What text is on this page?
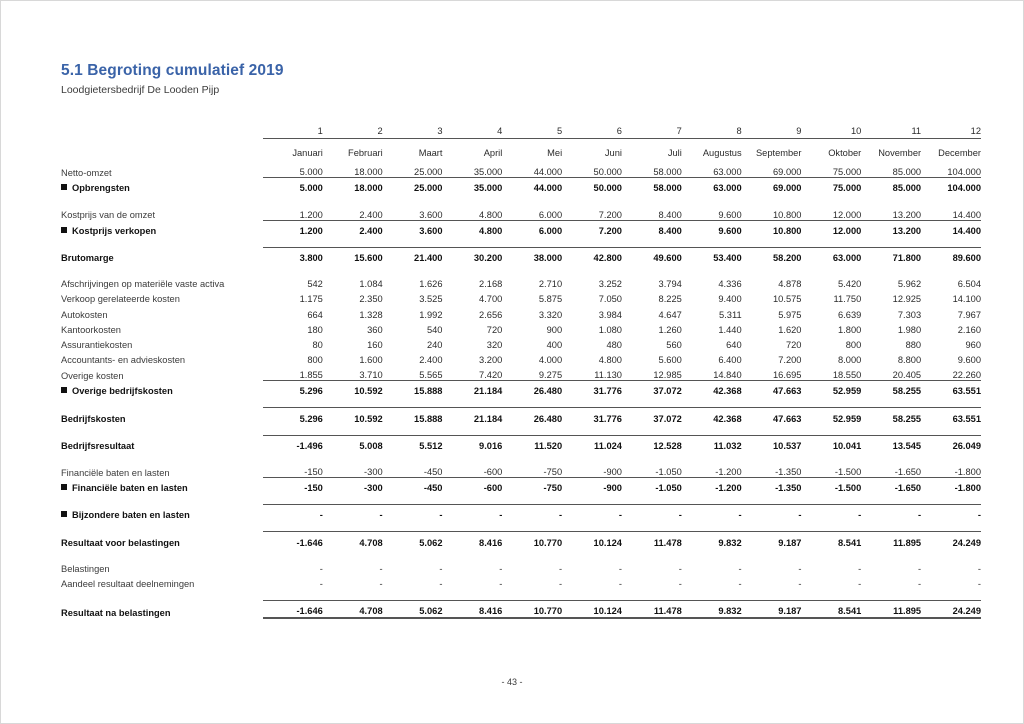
5.1 Begroting cumulatief 2019
Loodgietersbedrijf De Looden Pijp
	1	2	3	4	5	6	7	8	9	10	11	12
	Januari	Februari	Maart	April	Mei	Juni	Juli	Augustus	September	Oktober	November	December
Netto-omzet	5.000	18.000	25.000	35.000	44.000	50.000	58.000	63.000	69.000	75.000	85.000	104.000
Opbrengsten	5.000	18.000	25.000	35.000	44.000	50.000	58.000	63.000	69.000	75.000	85.000	104.000

Kostprijs van de omzet	1.200	2.400	3.600	4.800	6.000	7.200	8.400	9.600	10.800	12.000	13.200	14.400
Kostprijs verkopen	1.200	2.400	3.600	4.800	6.000	7.200	8.400	9.600	10.800	12.000	13.200	14.400

Brutomarge	3.800	15.600	21.400	30.200	38.000	42.800	49.600	53.400	58.200	63.000	71.800	89.600

Afschrijvingen op materiële vaste activa	542	1.084	1.626	2.168	2.710	3.252	3.794	4.336	4.878	5.420	5.962	6.504
Verkoop gerelateerde kosten	1.175	2.350	3.525	4.700	5.875	7.050	8.225	9.400	10.575	11.750	12.925	14.100
Autokosten	664	1.328	1.992	2.656	3.320	3.984	4.647	5.311	5.975	6.639	7.303	7.967
Kantoorkosten	180	360	540	720	900	1.080	1.260	1.440	1.620	1.800	1.980	2.160
Assurantiekosten	80	160	240	320	400	480	560	640	720	800	880	960
Accountants- en advieskosten	800	1.600	2.400	3.200	4.000	4.800	5.600	6.400	7.200	8.000	8.800	9.600
Overige kosten	1.855	3.710	5.565	7.420	9.275	11.130	12.985	14.840	16.695	18.550	20.405	22.260
Overige bedrijfskosten	5.296	10.592	15.888	21.184	26.480	31.776	37.072	42.368	47.663	52.959	58.255	63.551

Bedrijfskosten	5.296	10.592	15.888	21.184	26.480	31.776	37.072	42.368	47.663	52.959	58.255	63.551

Bedrijfsresultaat	-1.496	5.008	5.512	9.016	11.520	11.024	12.528	11.032	10.537	10.041	13.545	26.049

Financiële baten en lasten	-150	-300	-450	-600	-750	-900	-1.050	-1.200	-1.350	-1.500	-1.650	-1.800
Financiële baten en lasten	-150	-300	-450	-600	-750	-900	-1.050	-1.200	-1.350	-1.500	-1.650	-1.800

Bijzondere baten en lasten	-	-	-	-	-	-	-	-	-	-	-	-

Resultaat voor belastingen	-1.646	4.708	5.062	8.416	10.770	10.124	11.478	9.832	9.187	8.541	11.895	24.249

Belastingen	-	-	-	-	-	-	-	-	-	-	-	-
Aandeel resultaat deelnemingen	-	-	-	-	-	-	-	-	-	-	-	-

Resultaat na belastingen	-1.646	4.708	5.062	8.416	10.770	10.124	11.478	9.832	9.187	8.541	11.895	24.249
- 43 -
